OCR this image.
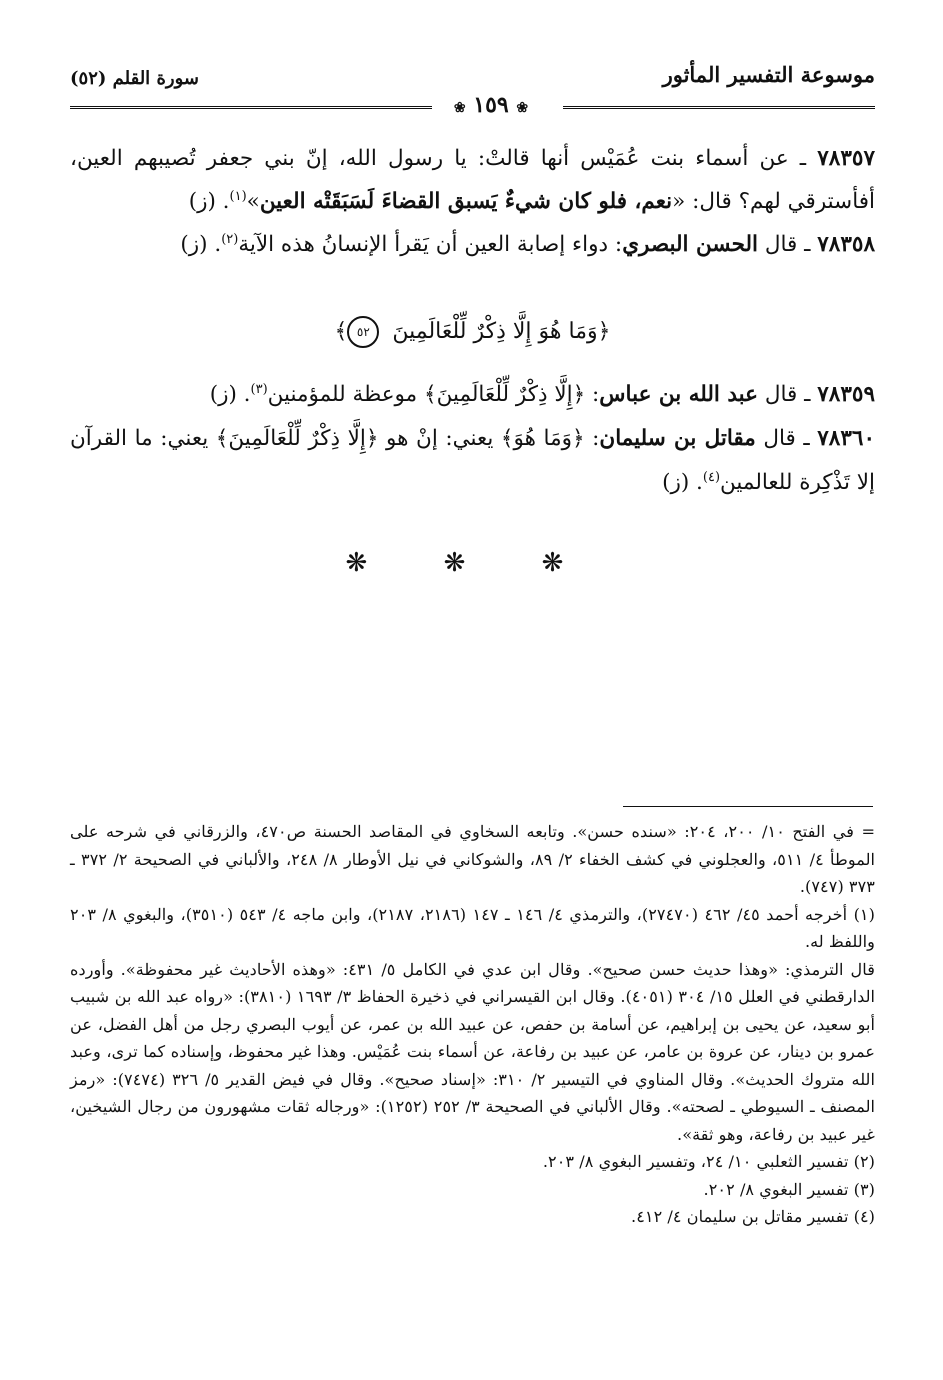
موسوعة التفسير المأثور
❀ ١٥٩ ❀
سورة القلم (٥٢)
٧٨٣٥٧ ـ عن أسماء بنت عُمَيْس أنها قالتْ: يا رسول الله، إنّ بني جعفر تُصيبهم العين، أفأسترقي لهم؟ قال: «نعم، فلو كان شيءٌ يَسبق القضاءَ لَسَبَقَتْه العين»$^{(١)}$. (ز)
٧٨٣٥٨ ـ قال الحسن البصري: دواء إصابة العين أن يَقرأ الإنسانُ هذه الآية$^{(٢)}$. (ز)
﴿وَمَا هُوَ إِلَّا ذِكْرٌ لِّلْعَالَمِينَ ٥٢﴾
٧٨٣٥٩ ـ قال عبد الله بن عباس: ﴿إِلَّا ذِكْرٌ لِّلْعَالَمِينَ﴾ موعظة للمؤمنين$^{(٣)}$. (ز)
٧٨٣٦٠ ـ قال مقاتل بن سليمان: ﴿وَمَا هُوَ﴾ يعني: إنْ هو ﴿إِلَّا ذِكْرٌ لِّلْعَالَمِينَ﴾ يعني: ما القرآن إلا تَذْكِرة للعالمين$^{(٤)}$. (ز)
❋ ❋ ❋

= في الفتح ١٠/ ٢٠٠، ٢٠٤: «سنده حسن». وتابعه السخاوي في المقاصد الحسنة ص٤٧٠، والزرقاني في شرحه على الموطأ ٤/ ٥١١، والعجلوني في كشف الخفاء ٢/ ٨٩، والشوكاني في نيل الأوطار ٨/ ٢٤٨، والألباني في الصحيحة ٢/ ٣٧٢ ـ ٣٧٣ (٧٤٧).

(١) أخرجه أحمد ٤٥/ ٤٦٢ (٢٧٤٧٠)، والترمذي ٤/ ١٤٦ ـ ١٤٧ (٢١٨٦، ٢١٨٧)، وابن ماجه ٤/ ٥٤٣ (٣٥١٠)، والبغوي ٨/ ٢٠٣ واللفظ له.

قال الترمذي: «وهذا حديث حسن صحيح». وقال ابن عدي في الكامل ٥/ ٤٣١: «وهذه الأحاديث غير محفوظة». وأورده الدارقطني في العلل ١٥/ ٣٠٤ (٤٠٥١). وقال ابن القيسراني في ذخيرة الحفاظ ٣/ ١٦٩٣ (٣٨١٠): «رواه عبد الله بن شبيب أبو سعيد، عن يحيى بن إبراهيم، عن أسامة بن حفص، عن عبيد الله بن عمر، عن أيوب البصري رجل من أهل الفضل، عن عمرو بن دينار، عن عروة بن عامر، عن عبيد بن رفاعة، عن أسماء بنت عُمَيْس. وهذا غير محفوظ، وإسناده كما ترى، وعبد الله متروك الحديث». وقال المناوي في التيسير ٢/ ٣١٠: «إسناد صحيح». وقال في فيض القدير ٥/ ٣٢٦ (٧٤٧٤): «رمز المصنف ـ السيوطي ـ لصحته». وقال الألباني في الصحيحة ٣/ ٢٥٢ (١٢٥٢): «ورجاله ثقات مشهورون من رجال الشيخين، غير عبيد بن رفاعة، وهو ثقة».

(٢) تفسير الثعلبي ١٠/ ٢٤، وتفسير البغوي ٨/ ٢٠٣.

(٣) تفسير البغوي ٨/ ٢٠٢.

(٤) تفسير مقاتل بن سليمان ٤/ ٤١٢.
